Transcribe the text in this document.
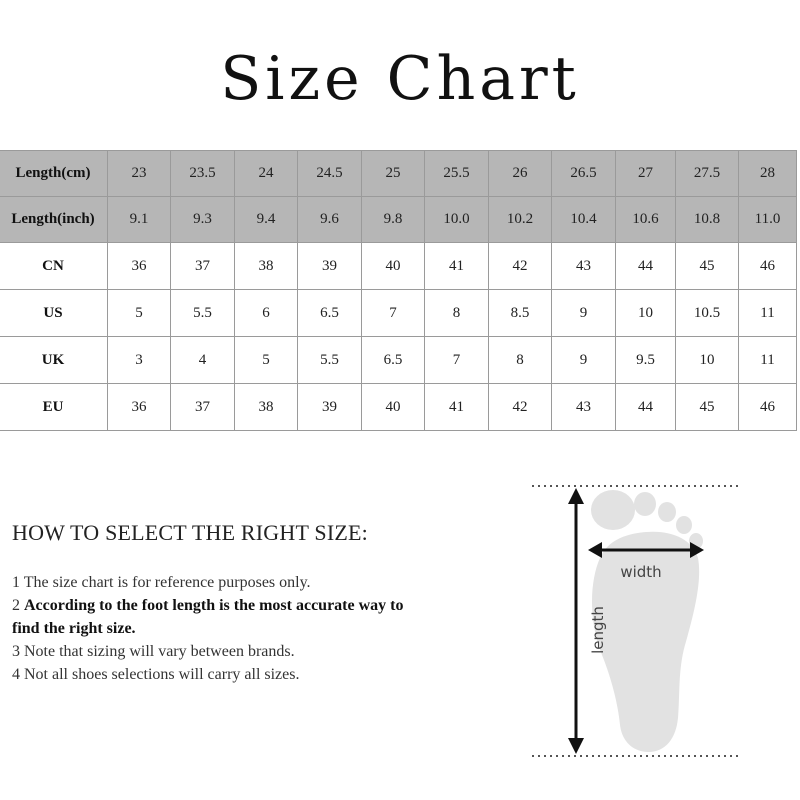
Size Chart
Length(cm)	23	23.5	24	24.5	25	25.5	26	26.5	27	27.5	28
Length(inch)	9.1	9.3	9.4	9.6	9.8	10.0	10.2	10.4	10.6	10.8	11.0
CN	36	37	38	39	40	41	42	43	44	45	46
US	5	5.5	6	6.5	7	8	8.5	9	10	10.5	11
UK	3	4	5	5.5	6.5	7	8	9	9.5	10	11
EU	36	37	38	39	40	41	42	43	44	45	46
HOW TO SELECT THE RIGHT SIZE:

1 The size chart is for reference purposes only.

2 According to the foot length is the most accurate way to find the right size.

3 Note that sizing will vary between brands.

4 Not all shoes selections will carry all sizes.

width
length
